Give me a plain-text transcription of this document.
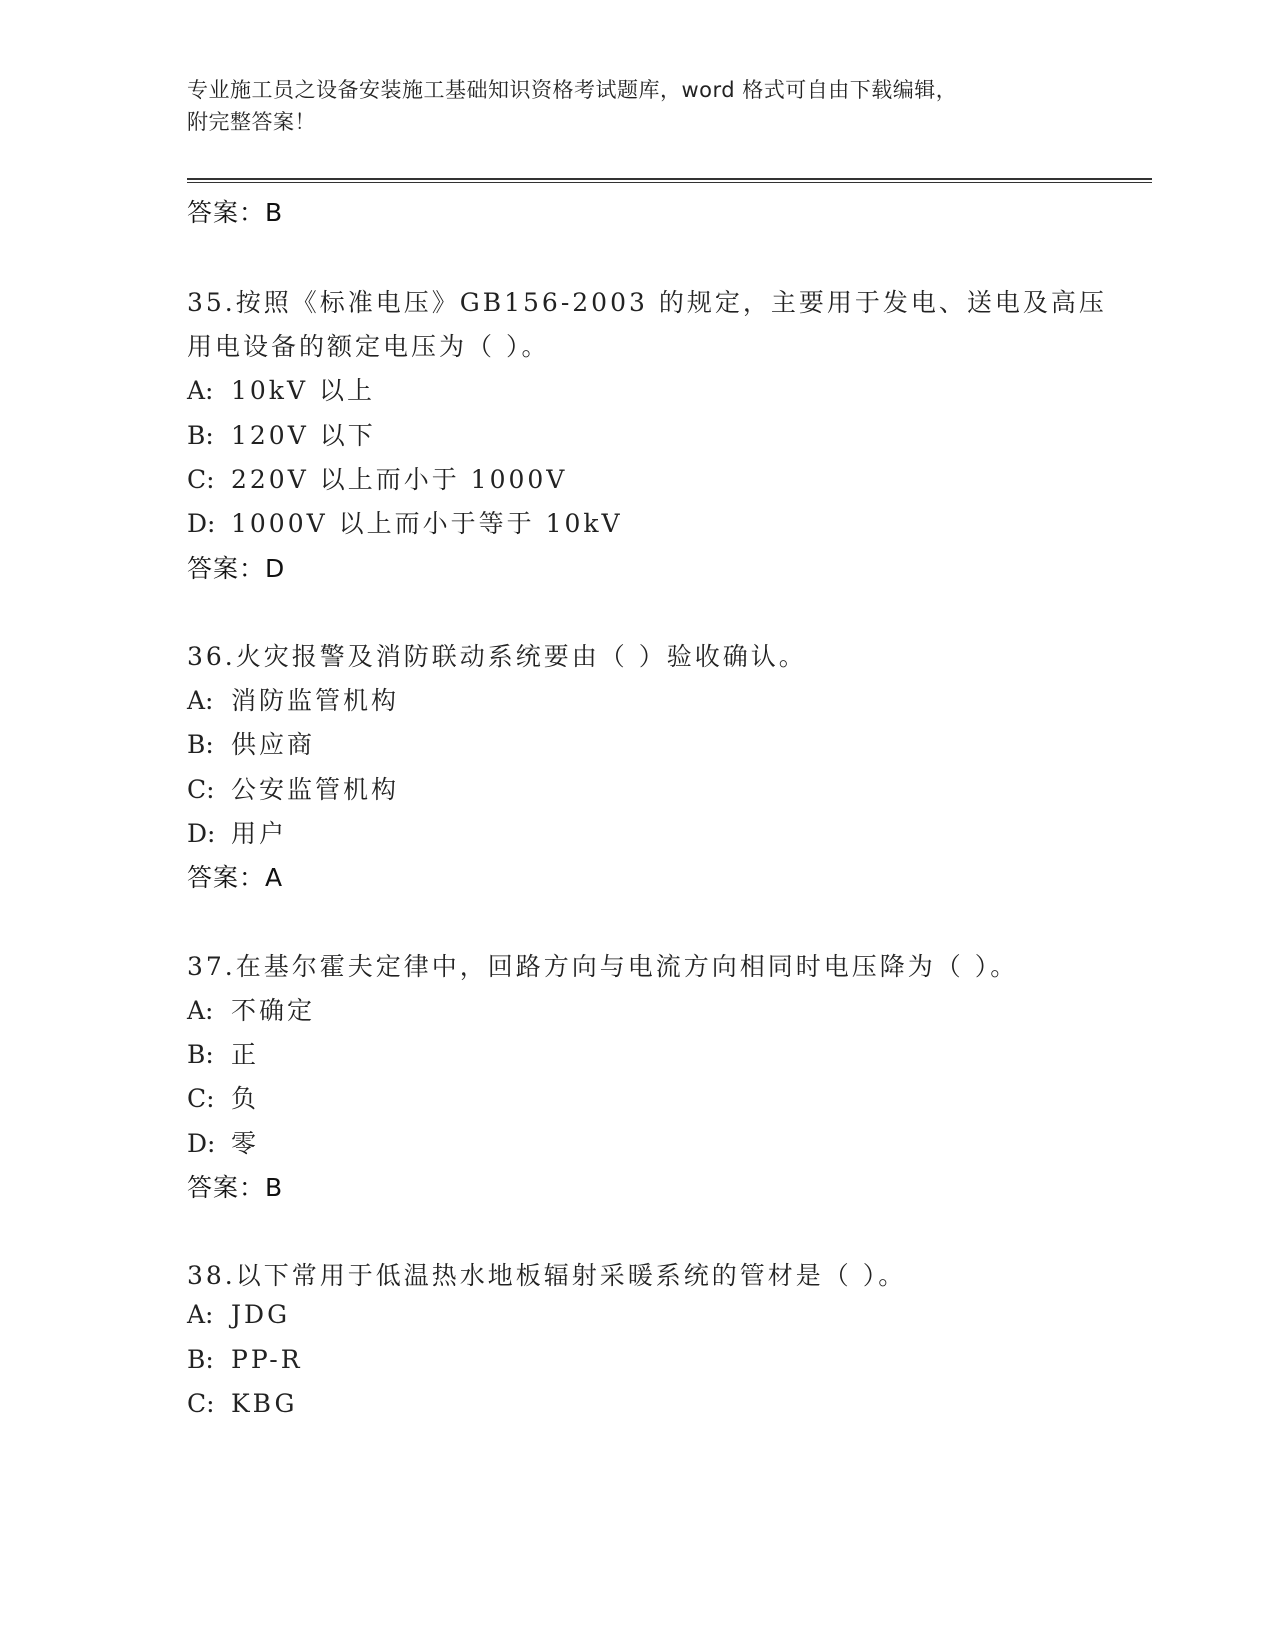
专业施工员之设备安装施工基础知识资格考试题库，word 格式可自由下载编辑，
附完整答案！
答案：B
35.按照《标准电压》GB156-2003 的规定，主要用于发电、送电及高压
用电设备的额定电压为（ ）。
A: 10kV 以上
B: 120V 以下
C: 220V 以上而小于 1000V
D: 1000V 以上而小于等于 10kV
答案：D
36.火灾报警及消防联动系统要由（ ）验收确认。
A: 消防监管机构
B: 供应商
C: 公安监管机构
D: 用户
答案：A
37.在基尔霍夫定律中，回路方向与电流方向相同时电压降为（ ）。
A: 不确定
B: 正
C: 负
D: 零
答案：B
38.以下常用于低温热水地板辐射采暖系统的管材是（ ）。
A: JDG
B: PP-R
C: KBG
